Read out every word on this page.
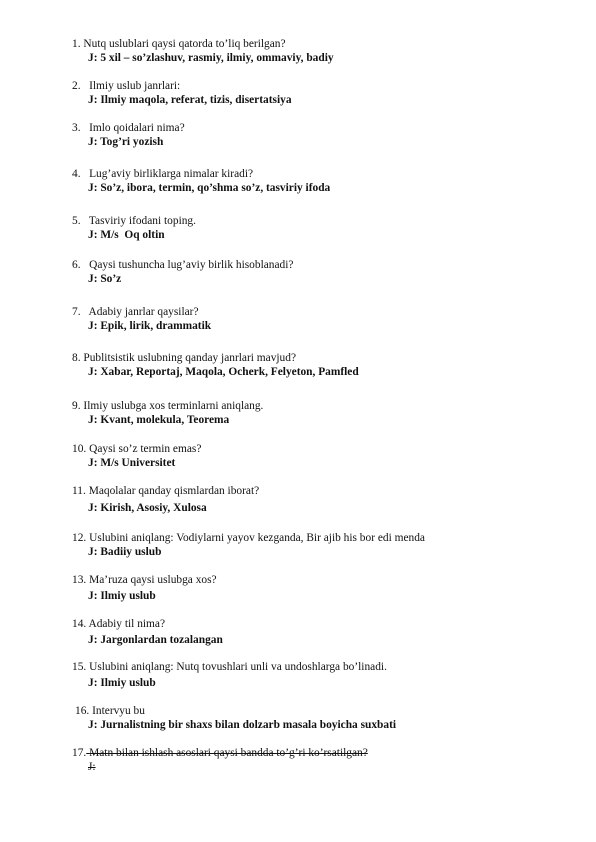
1. Nutq uslublari qaysi qatorda to’liq berilgan?
J: 5 xil – so’zlashuv, rasmiy, ilmiy, ommaviy, badiy
2. Ilmiy uslub janrlari:
J: Ilmiy maqola, referat, tizis, disertatsiya
3. Imlo qoidalari nima?
J: Tog’ri yozish
4. Lug’aviy birliklarga nimalar kiradi?
J: So’z, ibora, termin, qo’shma so’z, tasviriy ifoda
5. Tasviriy ifodani toping.
J: M/s  Oq oltin
6. Qaysi tushuncha lug’aviy birlik hisoblanadi?
J: So’z
7. Adabiy janrlar qaysilar?
J: Epik, lirik, drammatik
8. Publitsistik uslubning qanday janrlari mavjud?
J: Xabar, Reportaj, Maqola, Ocherk, Felyeton, Pamfled
9. Ilmiy uslubga xos terminlarni aniqlang.
J: Kvant, molekula, Teorema
10. Qaysi so’z termin emas?
J: M/s Universitet
11. Maqolalar qanday qismlardan iborat?
J: Kirish, Asosiy, Xulosa
12. Uslubini aniqlang: Vodiylarni yayov kezganda, Bir ajib his bor edi menda
J: Badiiy uslub
13. Ma’ruza qaysi uslubga xos?
J: Ilmiy uslub
14. Adabiy til nima?
J: Jargonlardan tozalangan
15. Uslubini aniqlang: Nutq tovushlari unli va undoshlarga bo’linadi.
J: Ilmiy uslub
16. Intervyu bu
J: Jurnalistning bir shaxs bilan dolzarb masala boyicha suxbati
17. Matn bilan ishlash asoslari qaysi bandda to’g’ri ko’rsatilgan?
J:
